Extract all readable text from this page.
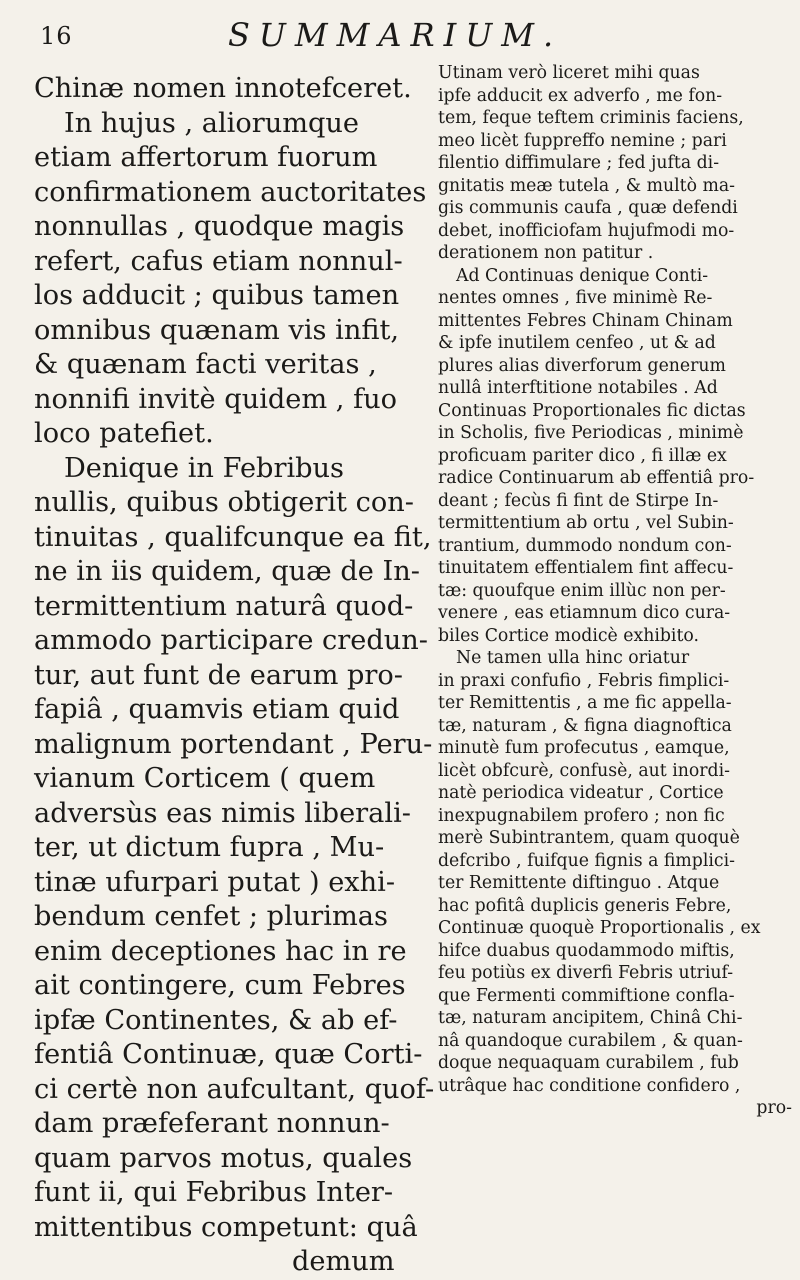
16	SUMMARIUM.
Chinæ nomen innotefceret.
In hujus , aliorumque
etiam affertorum fuorum
confirmationem auctoritates
nonnullas , quodque magis
refert, cafus etiam nonnul-
los adducit ; quibus tamen
omnibus quænam vis infit,
& quænam facti veritas ,
nonnifi invitè quidem , fuo
loco patefiet.
Denique in Febribus
nullis, quibus obtigerit con-
tinuitas , qualifcunque ea fit,
ne in iis quidem, quæ de In-
termittentium naturâ quod-
ammodo participare credun-
tur, aut funt de earum pro-
fapiâ , quamvis etiam quid
malignum portendant , Peru-
vianum Corticem ( quem
adversùs eas nimis liberali-
ter, ut dictum fupra , Mu-
tinæ ufurpari putat ) exhi-
bendum cenfet ; plurimas
enim deceptiones hac in re
ait contingere, cum Febres
ipfæ Continentes, & ab ef-
fentiâ Continuæ, quæ Corti-
ci certè non aufcultant, quof-
dam præfeferant nonnun-
quam parvos motus, quales
funt ii, qui Febribus Inter-
mittentibus competunt: quâ
demum
Utinam verò liceret mihi quas
ipfe adducit ex adverfo , me fon-
tem, feque teftem criminis faciens,
meo licèt fuppreffo nemine ; pari
filentio diffimulare ; fed jufta di-
gnitatis meæ tutela , & multò ma-
gis communis caufa , quæ defendi
debet, inofficiofam hujufmodi mo-
derationem non patitur .
Ad Continuas denique Conti-
nentes omnes , five minimè Re-
mittentes Febres Chinam Chinam
& ipfe inutilem cenfeo , ut & ad
plures alias diverforum generum
nullâ interftitione notabiles . Ad
Continuas Proportionales fic dictas
in Scholis, five Periodicas , minimè
proficuam pariter dico , fi illæ ex
radice Continuarum ab effentiâ pro-
deant ; fecùs fi fint de Stirpe In-
termittentium ab ortu , vel Subin-
trantium, dummodo nondum con-
tinuitatem effentialem fint affecu-
tæ: quoufque enim illùc non per-
venere , eas etiamnum dico cura-
biles Cortice modicè exhibito.
Ne tamen ulla hinc oriatur
in praxi confufio , Febris fimplici-
ter Remittentis , a me fic appella-
tæ, naturam , & figna diagnoftica
minutè fum profecutus , eamque,
licèt obfcurè, confusè, aut inordi-
natè periodica videatur , Cortice
inexpugnabilem profero ; non fic
merè Subintrantem, quam quoquè
defcribo , fuifque fignis a fimplici-
ter Remittente diftinguo . Atque
hac pofitâ duplicis generis Febre,
Continuæ quoquè Proportionalis , ex
hifce duabus quodammodo miftis,
feu potiùs ex diverfi Febris utriuf-
que Fermenti commiftione confla-
tæ, naturam ancipitem, Chinâ Chi-
nâ quandoque curabilem , & quan-
doque nequaquam curabilem , fub
utrâque hac conditione confidero ,
pro-
